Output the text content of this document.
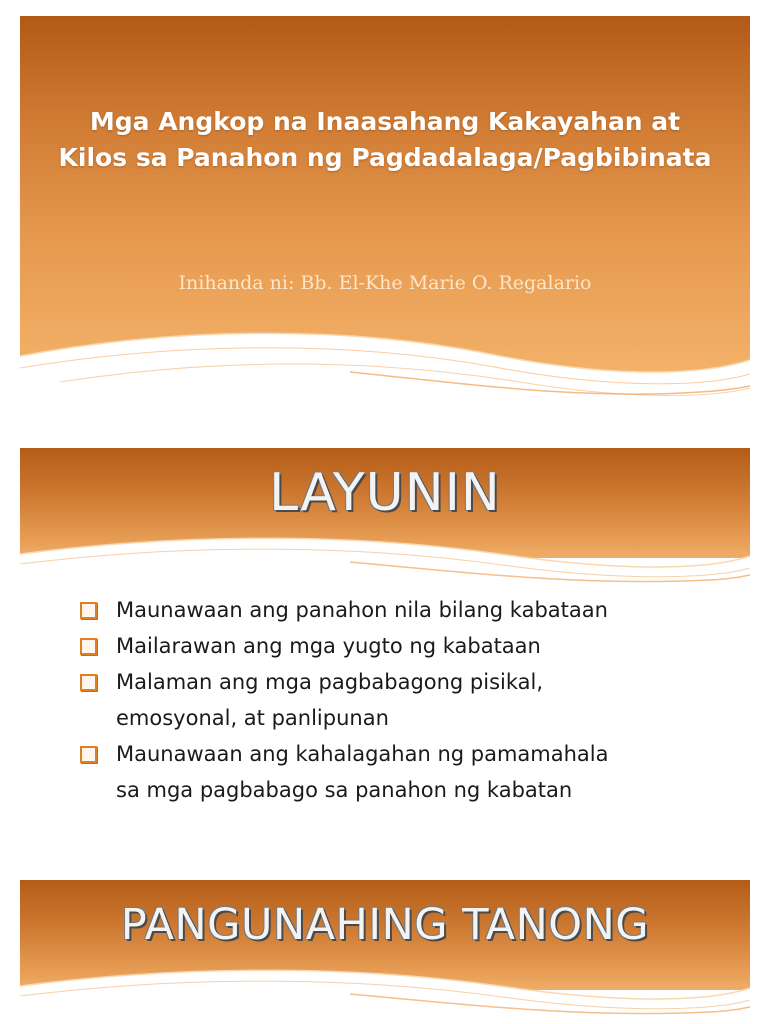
Mga Angkop na Inaasahang Kakayahan at
Kilos sa Panahon ng Pagdadalaga/Pagbibinata

Inihanda ni: Bb. El-Khe Marie O. Regalario

LAYUNIN
Maunawaan ang panahon nila bilang kabataan
Mailarawan ang mga yugto ng kabataan
Malaman ang mga pagbabagong pisikal,
emosyonal, at panlipunan
Maunawaan ang kahalagahan ng pamamahala
sa mga pagbabago sa panahon ng kabatan
PANGUNAHING TANONG
